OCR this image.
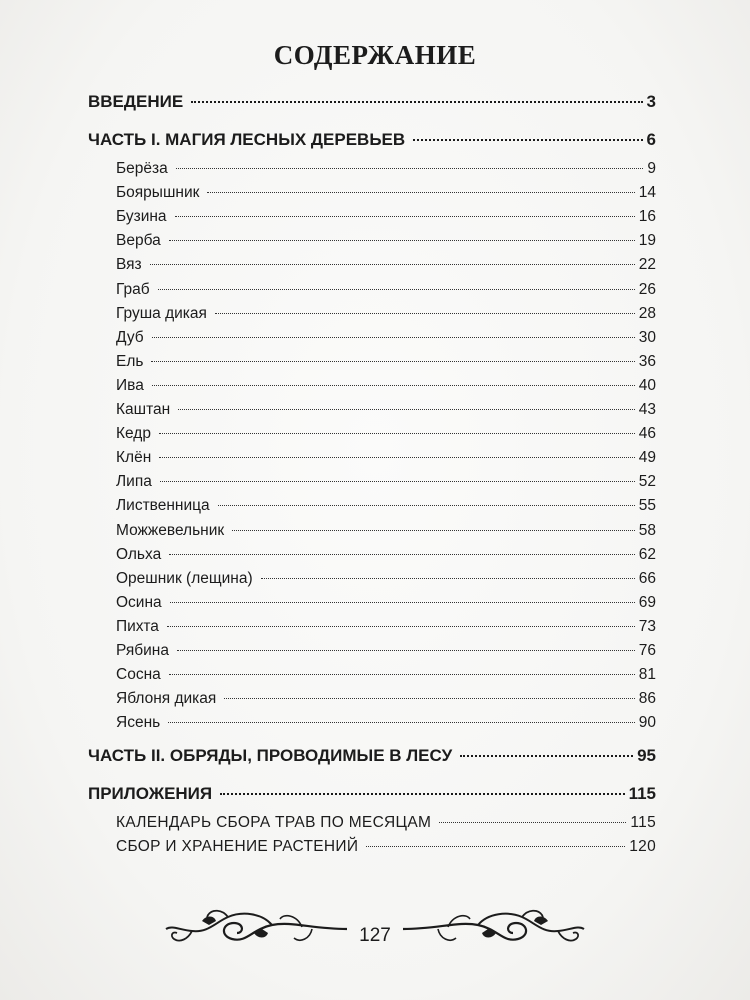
СОДЕРЖАНИЕ
ВВЕДЕНИЕ	3
ЧАСТЬ I. МАГИЯ ЛЕСНЫХ ДЕРЕВЬЕВ	6
Берёза	9
Боярышник	14
Бузина	16
Верба	19
Вяз	22
Граб	26
Груша дикая	28
Дуб	30
Ель	36
Ива	40
Каштан	43
Кедр	46
Клён	49
Липа	52
Лиственница	55
Можжевельник	58
Ольха	62
Орешник (лещина)	66
Осина	69
Пихта	73
Рябина	76
Сосна	81
Яблоня дикая	86
Ясень	90
ЧАСТЬ II. ОБРЯДЫ, ПРОВОДИМЫЕ В ЛЕСУ	95
ПРИЛОЖЕНИЯ	115
КАЛЕНДАРЬ СБОРА ТРАВ ПО МЕСЯЦАМ	115
СБОР И ХРАНЕНИЕ РАСТЕНИЙ	120
127
